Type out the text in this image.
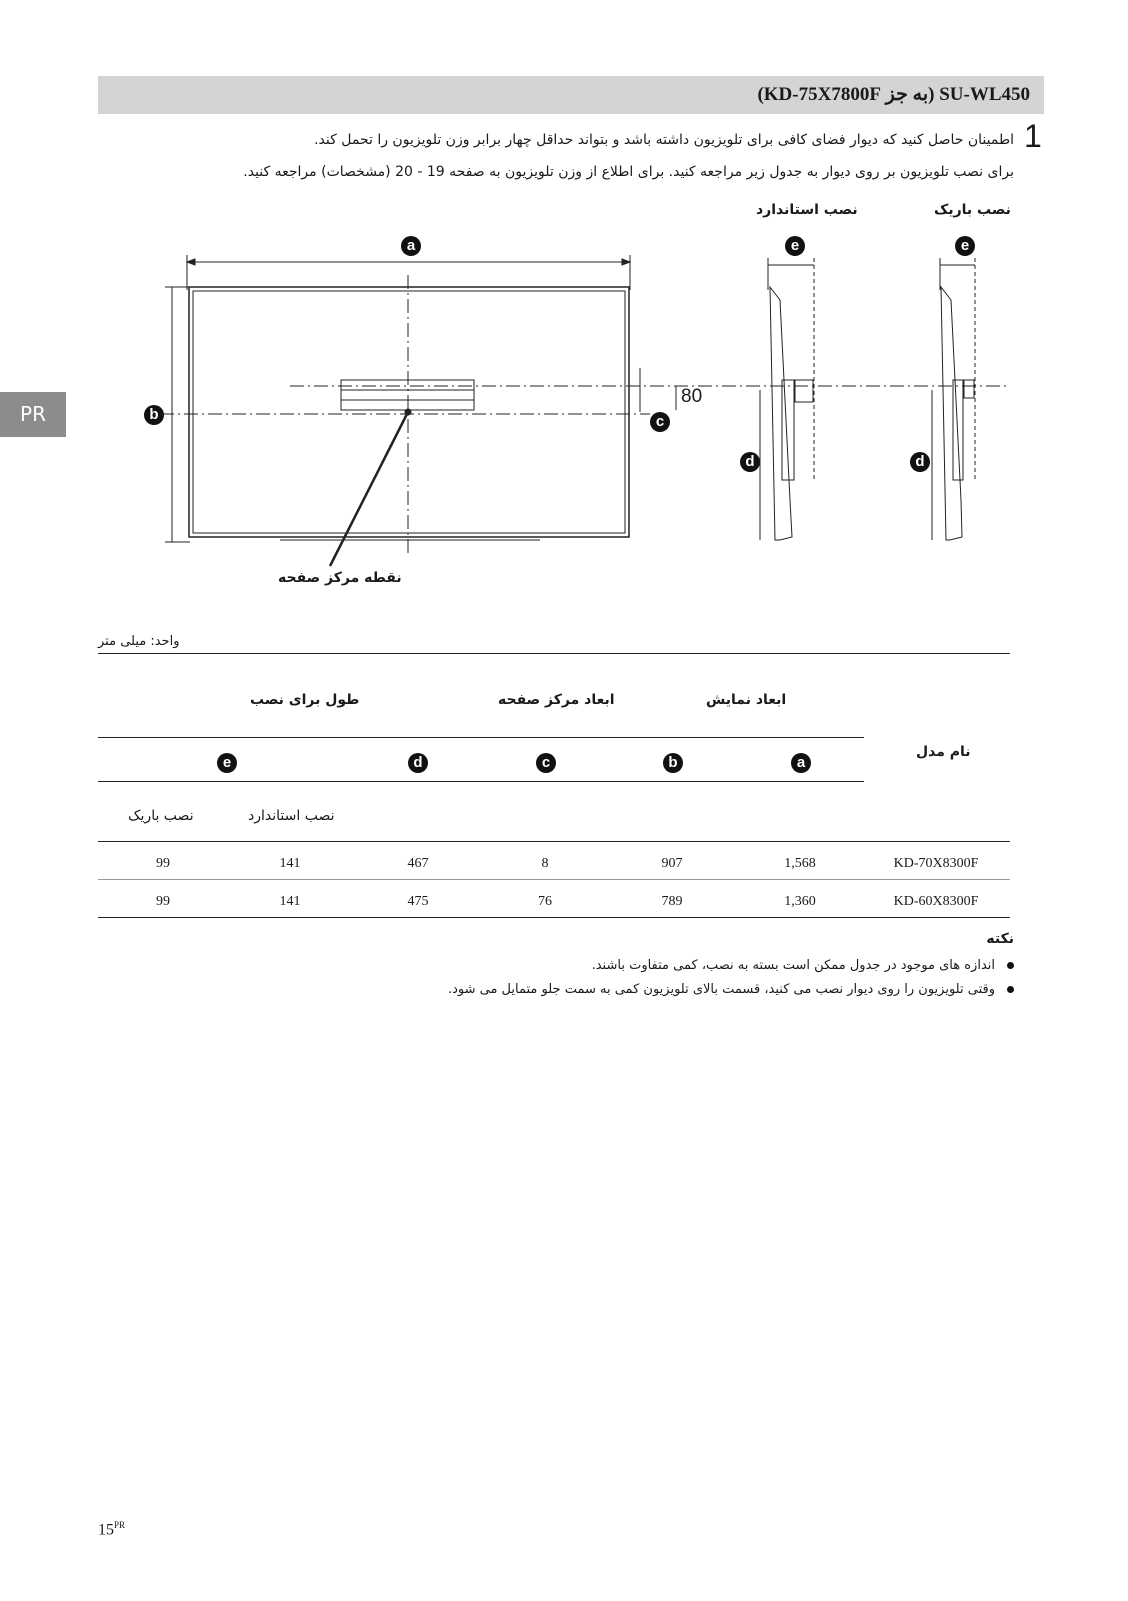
SU-WL450 (به جز KD-75X7800F)
PR
1
اطمینان حاصل کنید که دیوار فضای کافی برای تلویزیون داشته باشد و بتواند حداقل چهار برابر وزن تلویزیون را تحمل کند.
برای نصب تلویزیون بر روی دیوار به جدول زیر مراجعه کنید. برای اطلاع از وزن تلویزیون به صفحه 19 - 20 (مشخصات) مراجعه کنید.
نصب باریک
نصب استاندارد
a	e	e
b	c
d	d
80
نقطه مرکز صفحه
واحد: میلی متر
طول برای نصب	ابعاد مرکز صفحه	ابعاد نمایش
نام مدل
e	d	c	b	a
نصب باریک	نصب استاندارد
99	141	467	8	907	1,568	KD-70X8300F
99	141	475	76	789	1,360	KD-60X8300F
نکته
اندازه های موجود در جدول ممکن است بسته به نصب، کمی متفاوت باشند.
وقتی تلویزیون را روی دیوار نصب می کنید، قسمت بالای تلویزیون کمی به سمت جلو متمایل می شود.
$15^{PR}$
